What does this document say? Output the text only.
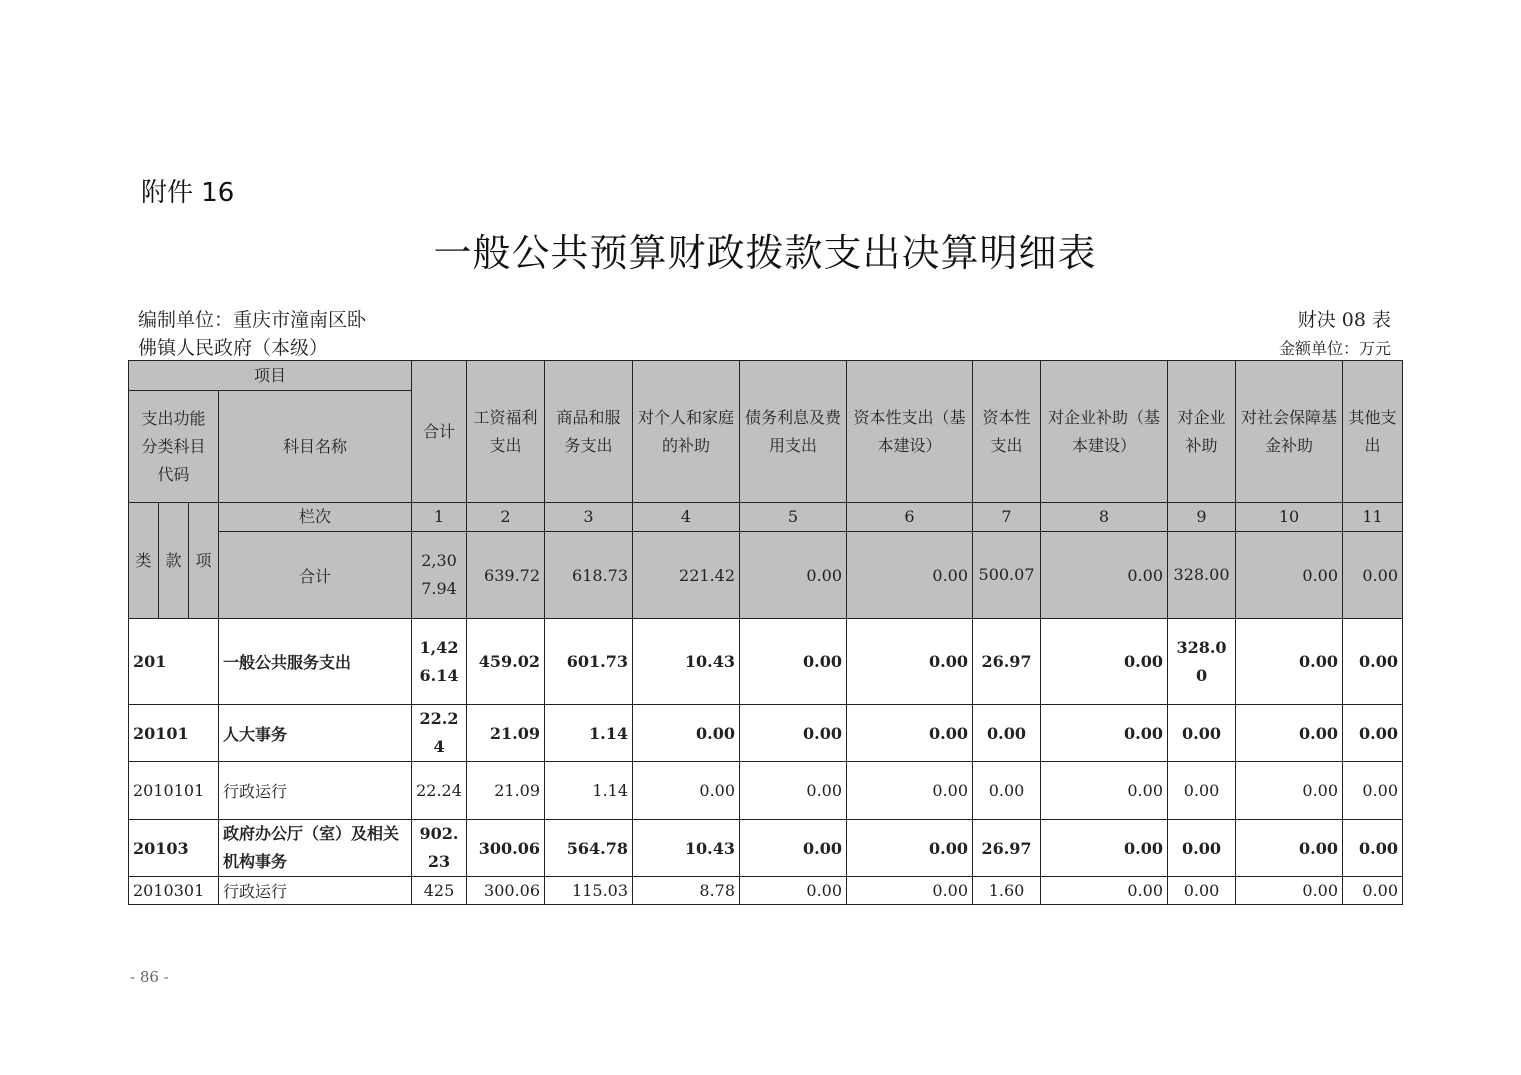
附件 16
一般公共预算财政拨款支出决算明细表
编制单位：重庆市潼南区卧
佛镇人民政府（本级）
财决 08 表
金额单位：万元
项目				合计	工资福利支出	商品和服务支出	对个人和家庭的补助	债务利息及费用支出	资本性支出（基本建设）	资本性支出	对企业补助（基本建设）	对企业补助	对社会保障基金补助	其他支出
支出功能分类科目代码			科目名称											
类	款	项	栏次	1	2	3	4	5	6	7	8	9	10	11
			合计	2,307.94	639.72	618.73	221.42	0.00	0.00	500.07	0.00	328.00	0.00	0.00
201			一般公共服务支出	1,426.14	459.02	601.73	10.43	0.00	0.00	26.97	0.00	328.00	0.00	0.00
20101			人大事务	22.24	21.09	1.14	0.00	0.00	0.00	0.00	0.00	0.00	0.00	0.00
2010101			行政运行	22.24	21.09	1.14	0.00	0.00	0.00	0.00	0.00	0.00	0.00	0.00
20103			政府办公厅（室）及相关机构事务	902.23	300.06	564.78	10.43	0.00	0.00	26.97	0.00	0.00	0.00	0.00
2010301			行政运行	425	300.06	115.03	8.78	0.00	0.00	1.60	0.00	0.00	0.00	0.00
- 86 -
